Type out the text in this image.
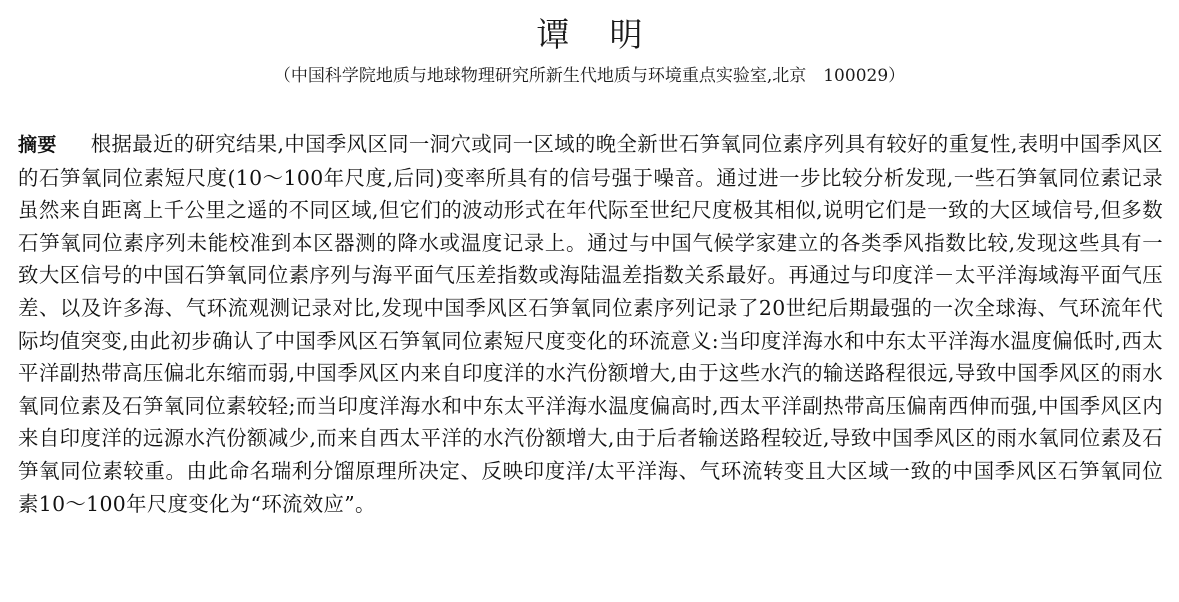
谭明
（中国科学院地质与地球物理研究所新生代地质与环境重点实验室,北京　100029）
摘要 根据最近的研究结果,中国季风区同一洞穴或同一区域的晚全新世石笋氧同位素序列具有较好的重复性,表明中国季风区的石笋氧同位素短尺度(10～100年尺度,后同)变率所具有的信号强于噪音。通过进一步比较分析发现,一些石笋氧同位素记录虽然来自距离上千公里之遥的不同区域,但它们的波动形式在年代际至世纪尺度极其相似,说明它们是一致的大区域信号,但多数石笋氧同位素序列未能校准到本区器测的降水或温度记录上。通过与中国气候学家建立的各类季风指数比较,发现这些具有一致大区信号的中国石笋氧同位素序列与海平面气压差指数或海陆温差指数关系最好。再通过与印度洋－太平洋海域海平面气压差、以及许多海、气环流观测记录对比,发现中国季风区石笋氧同位素序列记录了20世纪后期最强的一次全球海、气环流年代际均值突变,由此初步确认了中国季风区石笋氧同位素短尺度变化的环流意义:当印度洋海水和中东太平洋海水温度偏低时,西太平洋副热带高压偏北东缩而弱,中国季风区内来自印度洋的水汽份额增大,由于这些水汽的输送路程很远,导致中国季风区的雨水氧同位素及石笋氧同位素较轻;而当印度洋海水和中东太平洋海水温度偏高时,西太平洋副热带高压偏南西伸而强,中国季风区内来自印度洋的远源水汽份额减少,而来自西太平洋的水汽份额增大,由于后者输送路程较近,导致中国季风区的雨水氧同位素及石笋氧同位素较重。由此命名瑞利分馏原理所决定、反映印度洋/太平洋海、气环流转变且大区域一致的中国季风区石笋氧同位素10～100年尺度变化为“环流效应”。
